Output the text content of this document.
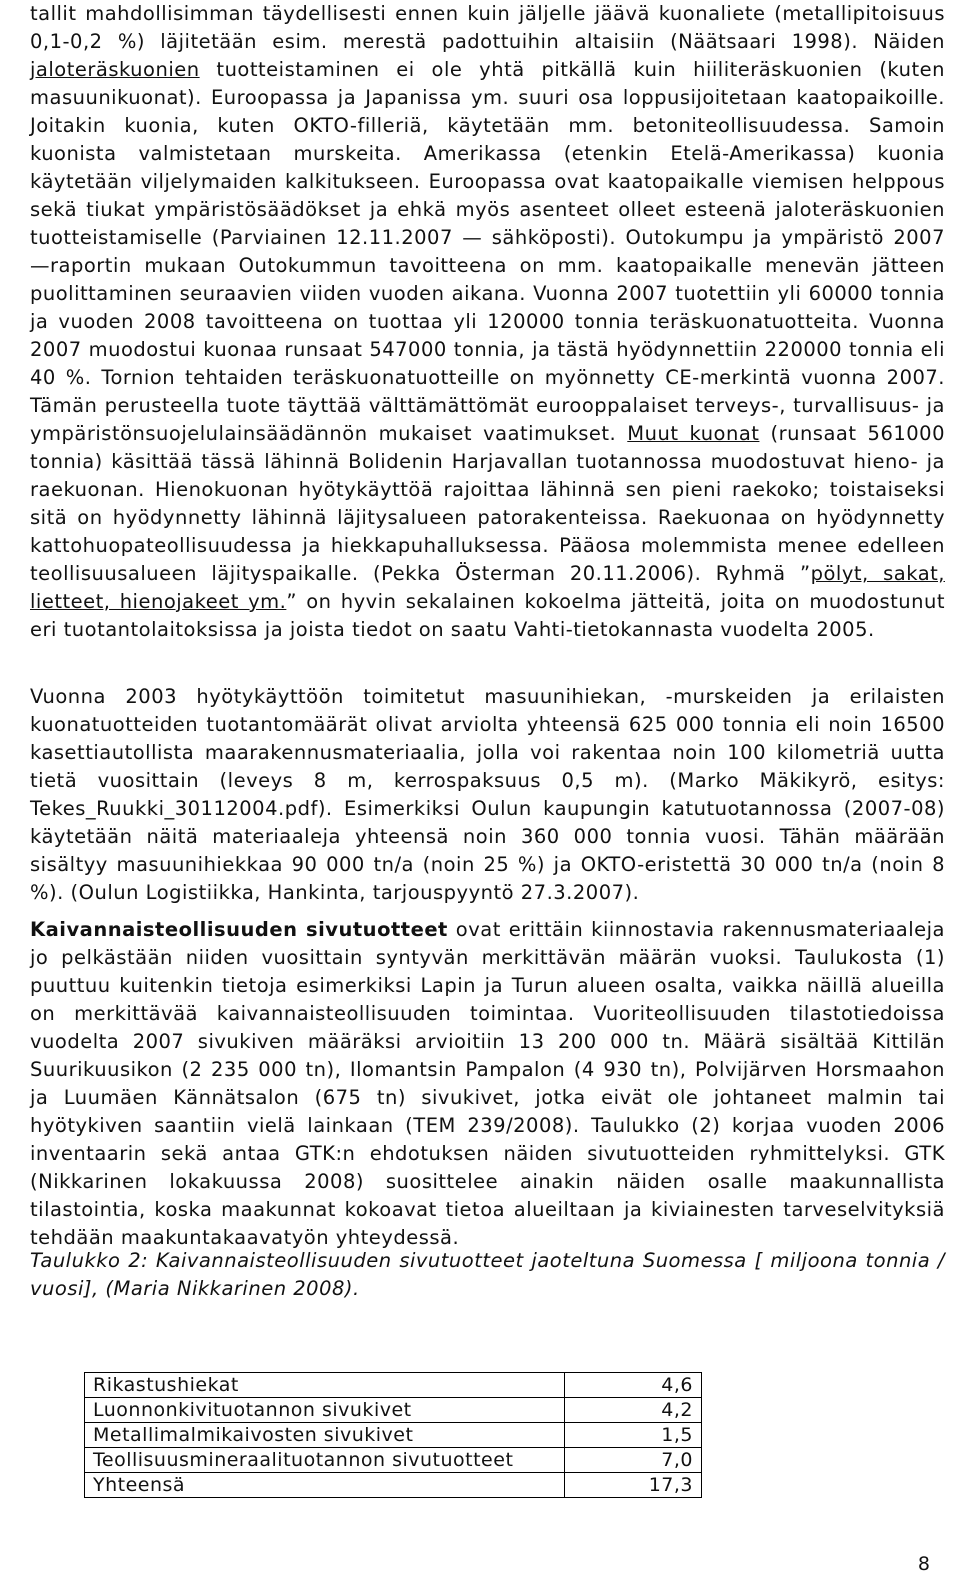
tallit mahdollisimman täydellisesti ennen kuin jäljelle jäävä kuonaliete (metallipitoisuus 0,1-0,2 %) läjitetään esim. merestä padottuihin altaisiin (Näätsaari 1998). Näiden jaloteräskuonien tuotteistaminen ei ole yhtä pitkällä kuin hiiliteräskuonien (kuten masuunikuonat). Euroopassa ja Japanissa ym. suuri osa loppusijoitetaan kaatopaikoille. Joitakin kuonia, kuten OKTO-filleriä, käytetään mm. betoniteollisuudessa. Samoin kuonista valmistetaan murskeita. Amerikassa (etenkin Etelä-Amerikassa) kuonia käytetään viljelymaiden kalkitukseen. Euroopassa ovat kaatopaikalle viemisen helppous sekä tiukat ympäristösäädökset ja ehkä myös asenteet olleet esteenä jaloteräskuonien tuotteistamiselle (Parviainen 12.11.2007 — sähköposti). Outokumpu ja ympäristö 2007 —raportin mukaan Outokummun tavoitteena on mm. kaatopaikalle menevän jätteen puolittaminen seuraavien viiden vuoden aikana. Vuonna 2007 tuotettiin yli 60000 tonnia ja vuoden 2008 tavoitteena on tuottaa yli 120000 tonnia teräskuonatuotteita. Vuonna 2007 muodostui kuonaa runsaat 547000 tonnia, ja tästä hyödynnettiin 220000 tonnia eli 40 %. Tornion tehtaiden teräskuonatuotteille on myönnetty CE-merkintä vuonna 2007. Tämän perusteella tuote täyttää välttämättömät eurooppalaiset terveys-, turvallisuus- ja ympäristönsuojelulainsäädännön mukaiset vaatimukset. Muut kuonat (runsaat 561000 tonnia) käsittää tässä lähinnä Bolidenin Harjavallan tuotannossa muodostuvat hieno- ja raekuonan. Hienokuonan hyötykäyttöä rajoittaa lähinnä sen pieni raekoko; toistaiseksi sitä on hyödynnetty lähinnä läjitysalueen patorakenteissa. Raekuonaa on hyödynnetty kattohuopateollisuudessa ja hiekkapuhalluksessa. Pääosa molemmista menee edelleen teollisuusalueen läjityspaikalle. (Pekka Österman 20.11.2006). Ryhmä ”pölyt, sakat, lietteet, hienojakeet ym.” on hyvin sekalainen kokoelma jätteitä, joita on muodostunut eri tuotantolaitoksissa ja joista tiedot on saatu Vahti-tietokannasta vuodelta 2005.

Vuonna 2003 hyötykäyttöön toimitetut masuunihiekan, -murskeiden ja erilaisten kuonatuotteiden tuotantomäärät olivat arviolta yhteensä 625 000 tonnia eli noin 16500 kasettiautollista maarakennusmateriaalia, jolla voi rakentaa noin 100 kilometriä uutta tietä vuosittain (leveys 8 m, kerrospaksuus 0,5 m). (Marko Mäkikyrö, esitys: Tekes_Ruukki_30112004.pdf). Esimerkiksi Oulun kaupungin katutuotannossa (2007-08) käytetään näitä materiaaleja yhteensä noin 360 000 tonnia vuosi. Tähän määrään sisältyy masuunihiekkaa 90 000 tn/a (noin 25 %) ja OKTO-eristettä 30 000 tn/a (noin 8 %). (Oulun Logistiikka, Hankinta, tarjouspyyntö 27.3.2007).

Kaivannaisteollisuuden sivutuotteet ovat erittäin kiinnostavia rakennusmateriaaleja jo pelkästään niiden vuosittain syntyvän merkittävän määrän vuoksi. Taulukosta (1) puuttuu kuitenkin tietoja esimerkiksi Lapin ja Turun alueen osalta, vaikka näillä alueilla on merkittävää kaivannaisteollisuuden toimintaa. Vuoriteollisuuden tilastotiedoissa vuodelta 2007 sivukiven määräksi arvioitiin 13 200 000 tn. Määrä sisältää Kittilän Suurikuusikon (2 235 000 tn), Ilomantsin Pampalon (4 930 tn), Polvijärven Horsmaahon ja Luumäen Kännätsalon (675 tn) sivukivet, jotka eivät ole johtaneet malmin tai hyötykiven saantiin vielä lainkaan (TEM 239/2008). Taulukko (2) korjaa vuoden 2006 inventaarin sekä antaa GTK:n ehdotuksen näiden sivutuotteiden ryhmittelyksi. GTK (Nikkarinen lokakuussa 2008) suosittelee ainakin näiden osalle maakunnallista tilastointia, koska maakunnat kokoavat tietoa alueiltaan ja kiviainesten tarveselvityksiä tehdään maakuntakaavatyön yhteydessä.

Taulukko 2: Kaivannaisteollisuuden sivutuotteet jaoteltuna Suomessa [ miljoona tonnia / vuosi], (Maria Nikkarinen 2008).

Rikastushiekat	4,6
Luonnonkivituotannon sivukivet	4,2
Metallimalmikaivosten sivukivet	1,5
Teollisuusmineraalituotannon sivutuotteet	7,0
Yhteensä	17,3
8
